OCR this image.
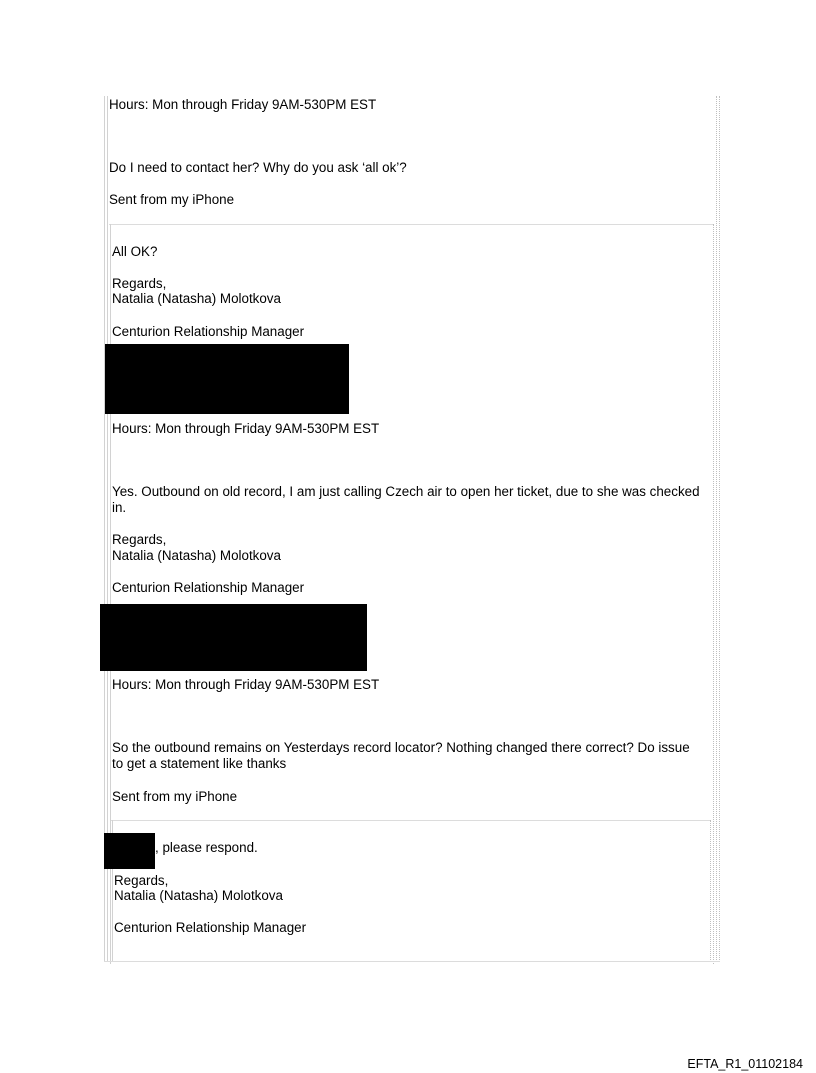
Hours: Mon through Friday 9AM-530PM EST
Do I need to contact her? Why do you ask ‘all ok’?
Sent from my iPhone
All OK?
Regards,
Natalia (Natasha) Molotkova
Centurion Relationship Manager
Hours: Mon through Friday 9AM-530PM EST
Yes. Outbound on old record, I am just calling Czech air to open her ticket, due to she was checked in.
Regards,
Natalia (Natasha) Molotkova
Centurion Relationship Manager
Hours: Mon through Friday 9AM-530PM EST
So the outbound remains on Yesterdays record locator? Nothing changed there correct? Do issue to get a statement like thanks
Sent from my iPhone
, please respond.
Regards,
Natalia (Natasha) Molotkova
Centurion Relationship Manager
EFTA_R1_01102184
